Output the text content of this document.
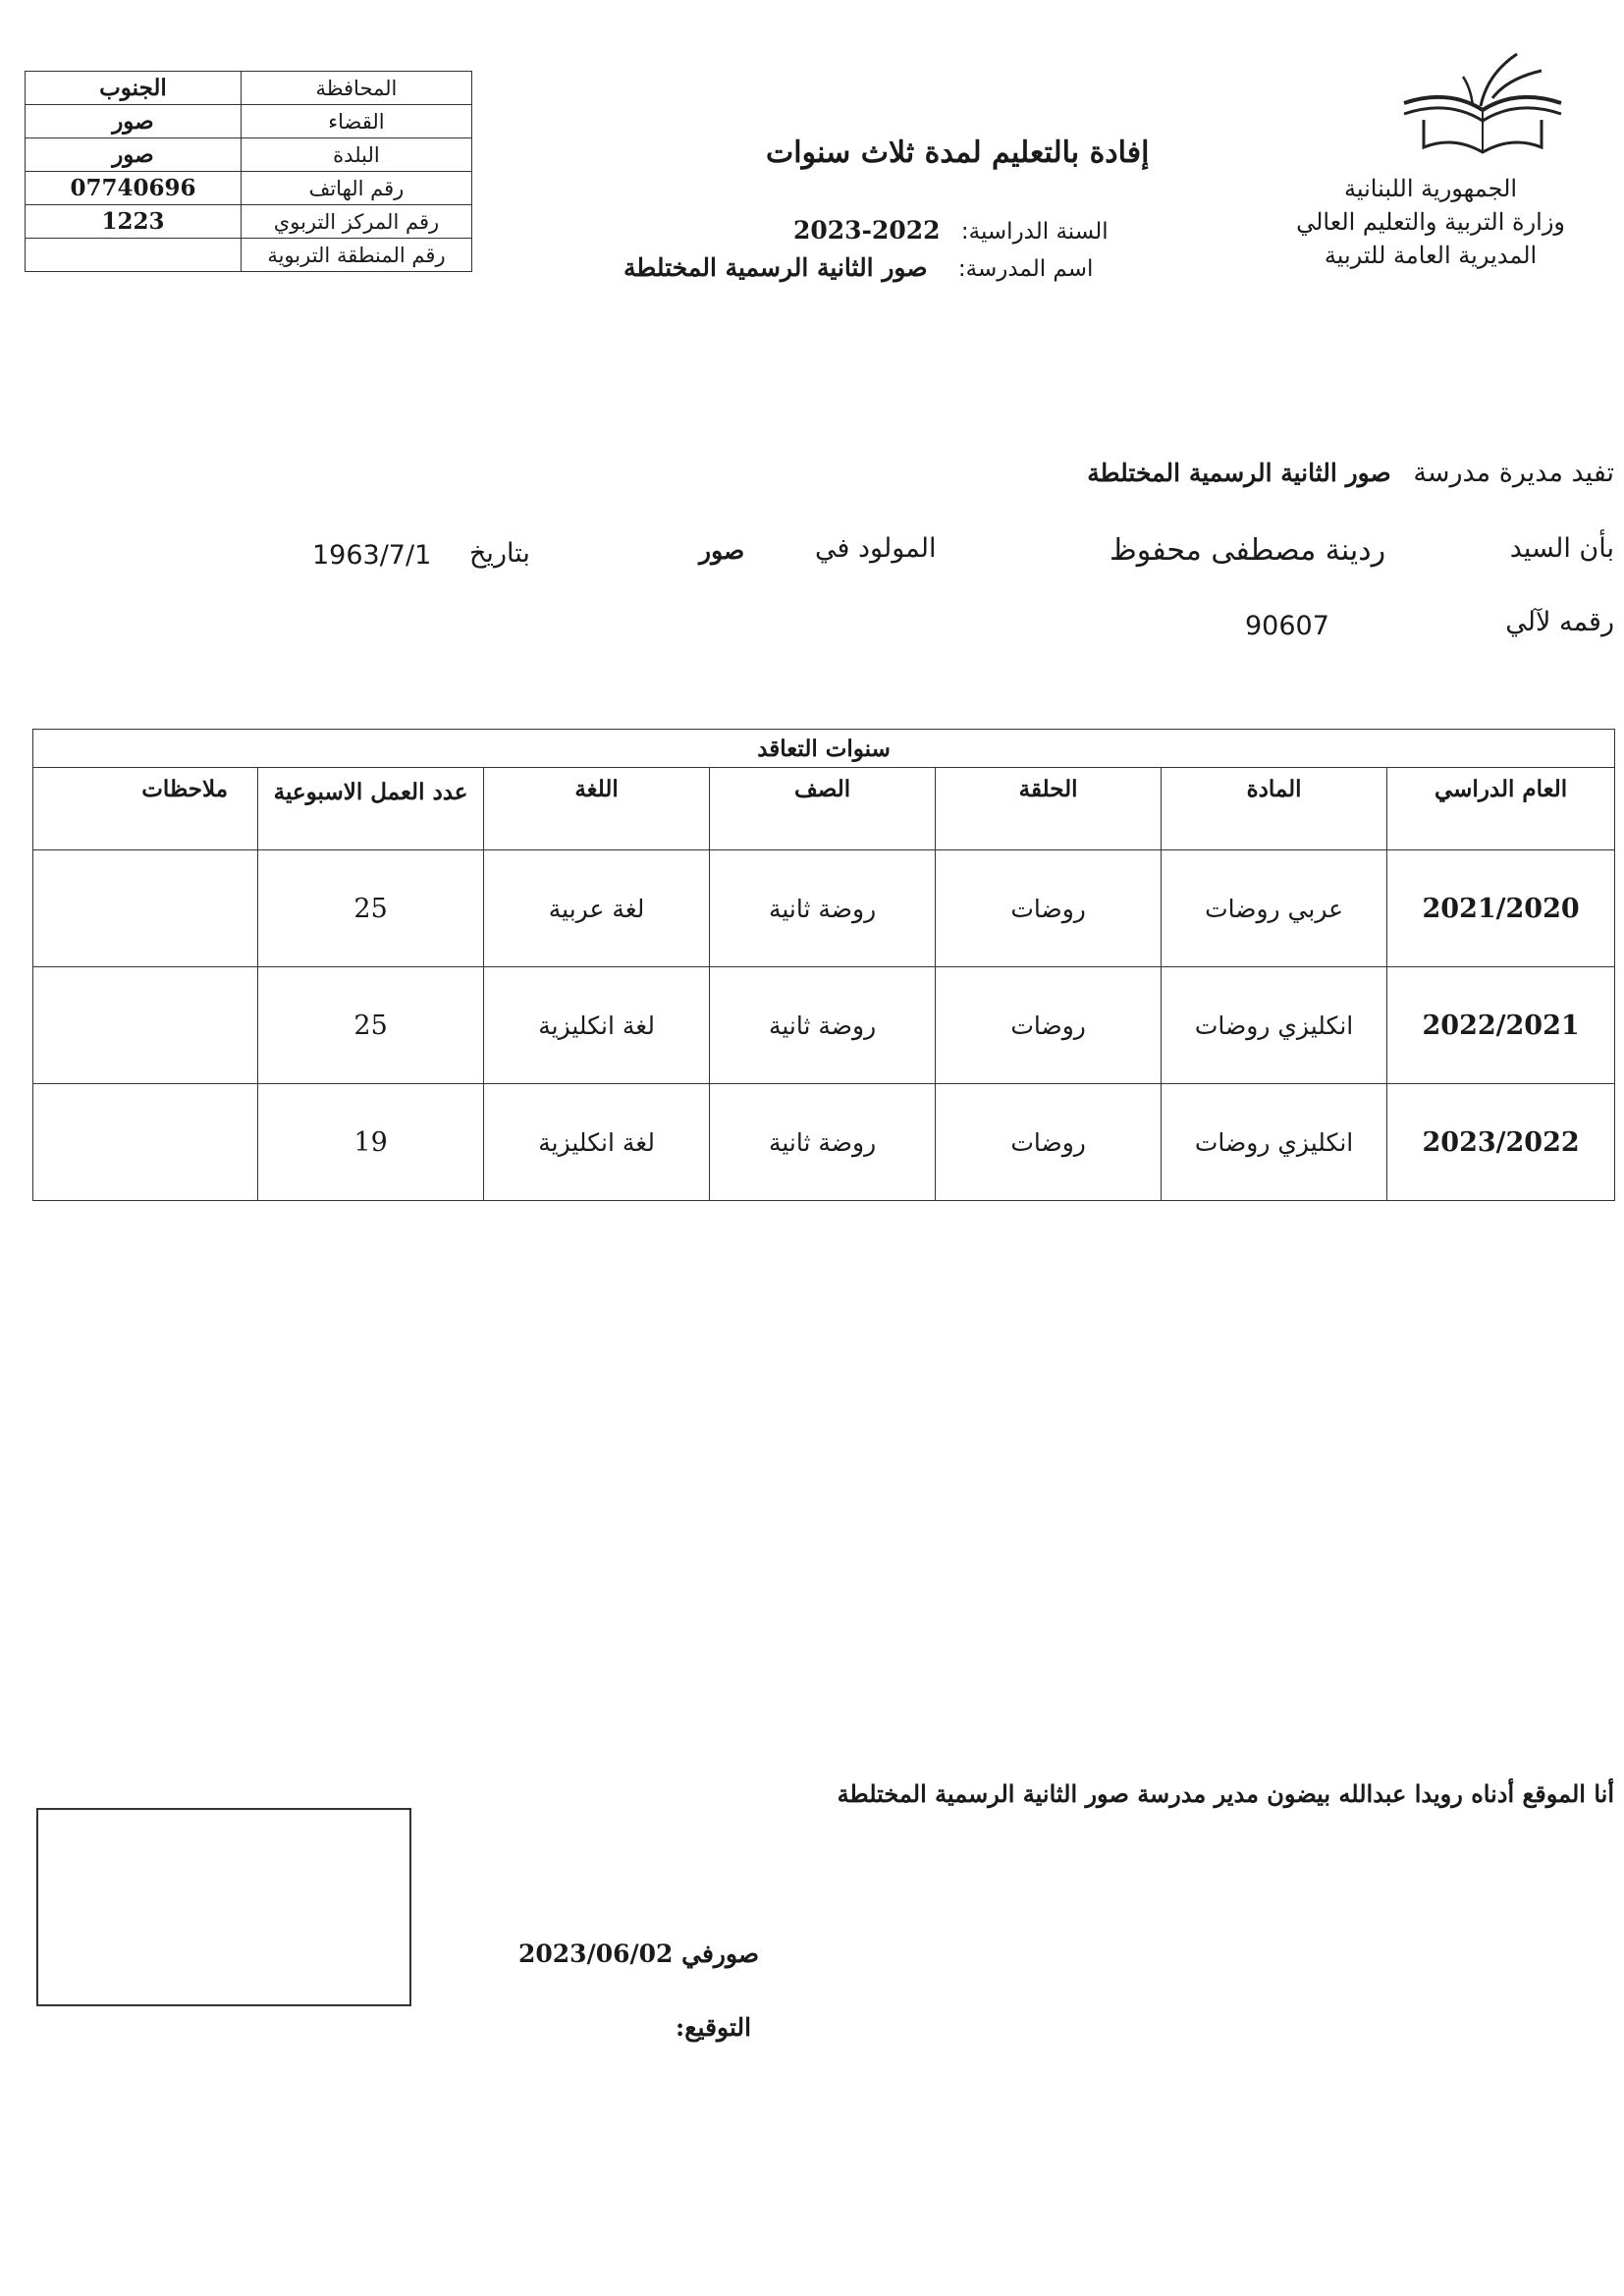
الجنوب	المحافظة
صور	القضاء
صور	البلدة
07740696	رقم الهاتف
1223	رقم المركز التربوي
	رقم المنطقة التربوية
الجمهورية اللبنانية
وزارة التربية والتعليم العالي
المديرية العامة للتربية
إفادة بالتعليم لمدة ثلاث سنوات
السنة الدراسية: 2022-2023
اسم المدرسة: صور الثانية الرسمية المختلطة
تفيد مديرة مدرسة صور الثانية الرسمية المختلطة
بأن السيد
ردينة مصطفى محفوظ
المولود في
صور
بتاريخ
1963/7/1
رقمه لآلي
90607
سنوات التعاقد						
العام الدراسي	المادة	الحلقة	الصف	اللغة	عدد العمل الاسبوعية	ملاحظات
2021/2020	عربي روضات	روضات	روضة ثانية	لغة عربية	25	
2022/2021	انكليزي روضات	روضات	روضة ثانية	لغة انكليزية	25	
2023/2022	انكليزي روضات	روضات	روضة ثانية	لغة انكليزية	19	
أنا الموقع أدناه رويدا عبدالله بيضون مدير مدرسة صور الثانية الرسمية المختلطة
صورفي 2023/06/02
التوقيع:
